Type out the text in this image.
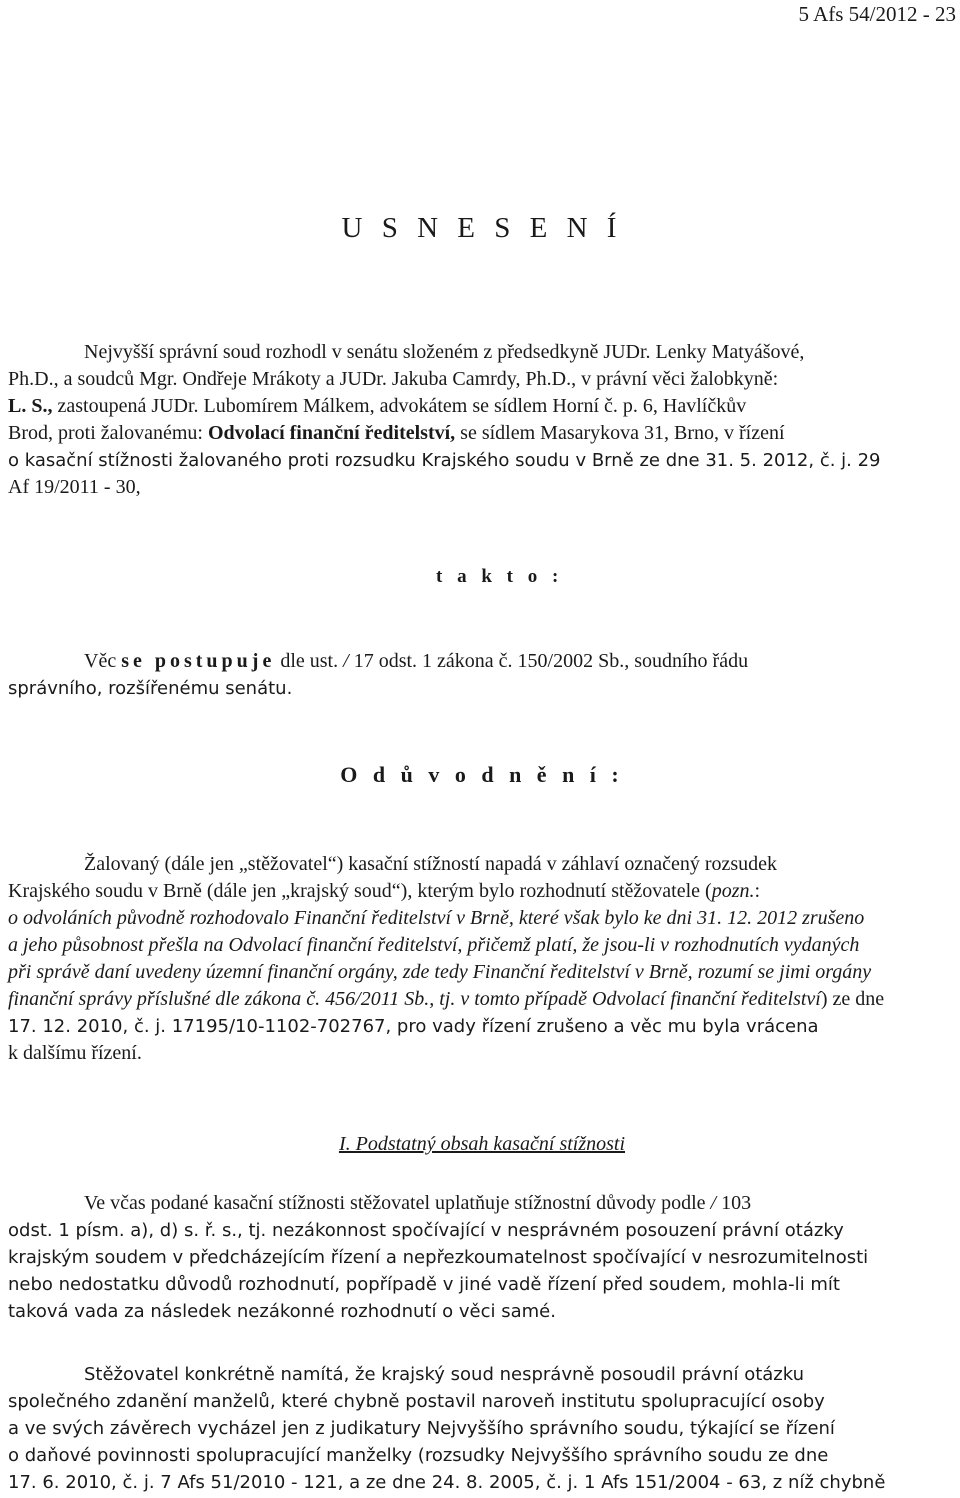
5 Afs 54/2012 - 23
U S N E S E N Í
Nejvyšší správní soud rozhodl v senátu složeném z předsedkyně JUDr. Lenky Matyášové,
Ph.D., a soudců Mgr. Ondřeje Mrákoty a JUDr. Jakuba Camrdy, Ph.D., v právní věci žalobkyně:
L. S., zastoupená JUDr. Lubomírem Málkem, advokátem se sídlem Horní č. p. 6, Havlíčkův
Brod, proti žalovanému: Odvolací finanční ředitelství, se sídlem Masarykova 31, Brno, v řízení
o kasační stížnosti žalovaného proti rozsudku Krajského soudu v Brně ze dne 31. 5. 2012, č. j. 29
Af 19/2011 - 30,
t a k t o :
Věc se postupuje dle ust. / 17 odst. 1 zákona č. 150/2002 Sb., soudního řádu
správního, rozšířenému senátu.
O d ů v o d n ě n í :
Žalovaný (dále jen „stěžovatel“) kasační stížností napadá v záhlaví označený rozsudek
Krajského soudu v Brně (dále jen „krajský soud“), kterým bylo rozhodnutí stěžovatele (pozn.:
o odvoláních původně rozhodovalo Finanční ředitelství v Brně, které však bylo ke dni 31. 12. 2012 zrušeno
a jeho působnost přešla na Odvolací finanční ředitelství, přičemž platí, že jsou-li v rozhodnutích vydaných
při správě daní uvedeny územní finanční orgány, zde tedy Finanční ředitelství v Brně, rozumí se jimi orgány
finanční správy příslušné dle zákona č. 456/2011 Sb., tj. v tomto případě Odvolací finanční ředitelství) ze dne
17. 12. 2010, č. j. 17195/10-1102-702767, pro vady řízení zrušeno a věc mu byla vrácena
k dalšímu řízení.
I. Podstatný obsah kasační stížnosti
Ve včas podané kasační stížnosti stěžovatel uplatňuje stížnostní důvody podle / 103
odst. 1 písm. a), d) s. ř. s., tj. nezákonnost spočívající v nesprávném posouzení právní otázky
krajským soudem v předcházejícím řízení a nepřezkoumatelnost spočívající v nesrozumitelnosti
nebo nedostatku důvodů rozhodnutí, popřípadě v jiné vadě řízení před soudem, mohla-li mít
taková vada za následek nezákonné rozhodnutí o věci samé.
Stěžovatel konkrétně namítá, že krajský soud nesprávně posoudil právní otázku
společného zdanění manželů, které chybně postavil naroveň institutu spolupracující osoby
a ve svých závěrech vycházel jen z judikatury Nejvyššího správního soudu, týkající se řízení
o daňové povinnosti spolupracující manželky (rozsudky Nejvyššího správního soudu ze dne
17. 6. 2010, č. j. 7 Afs 51/2010 - 121, a ze dne 24. 8. 2005, č. j. 1 Afs 151/2004 - 63, z níž chybně
